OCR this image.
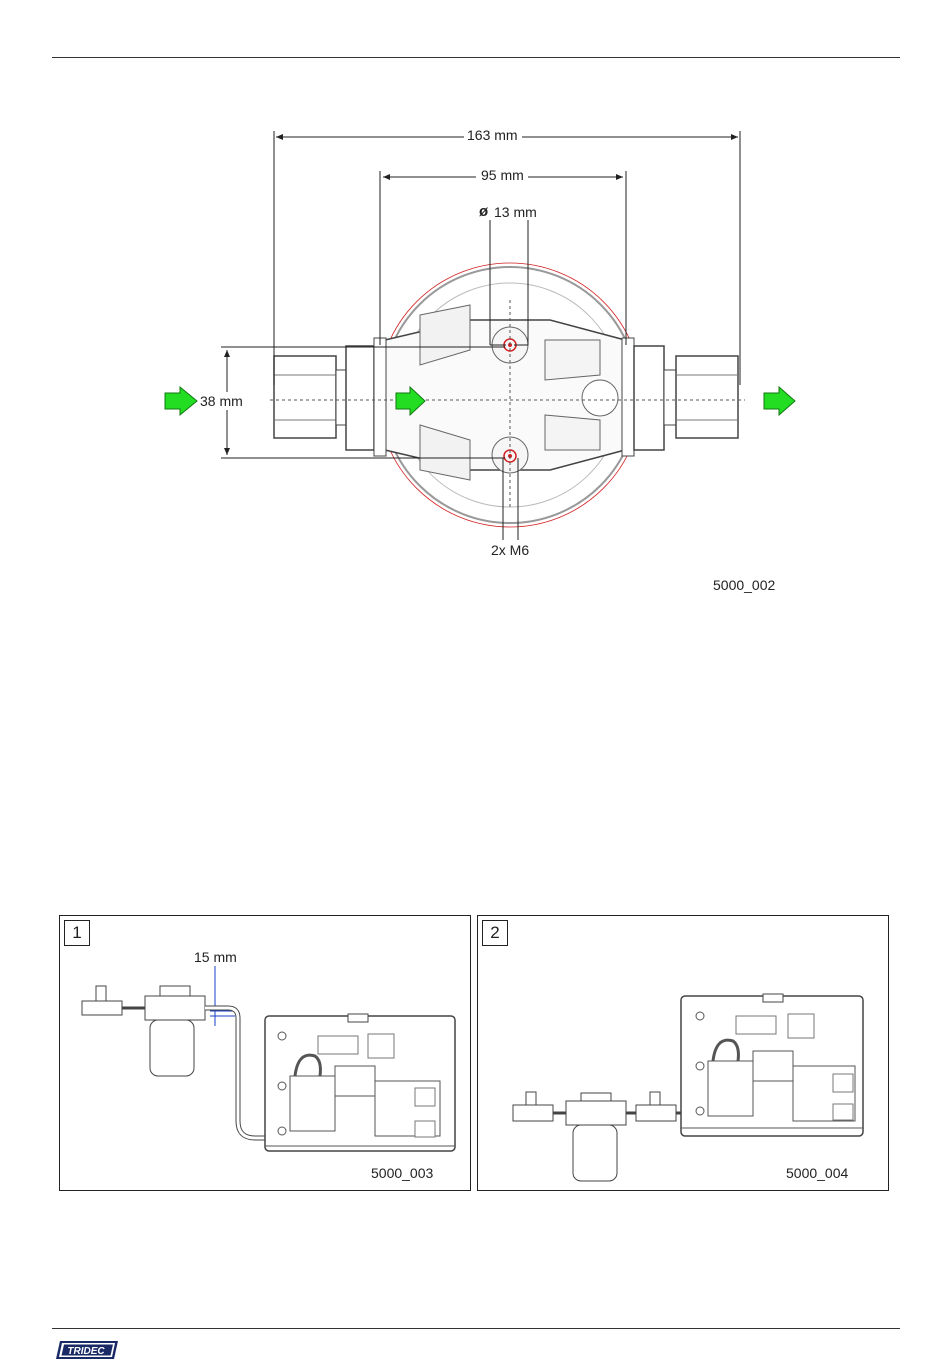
163 mm
95 mm
ø 13 mm
38 mm
2x M6
5000_002
1
15 mm
5000_003
2
5000_004
TRIDEC
